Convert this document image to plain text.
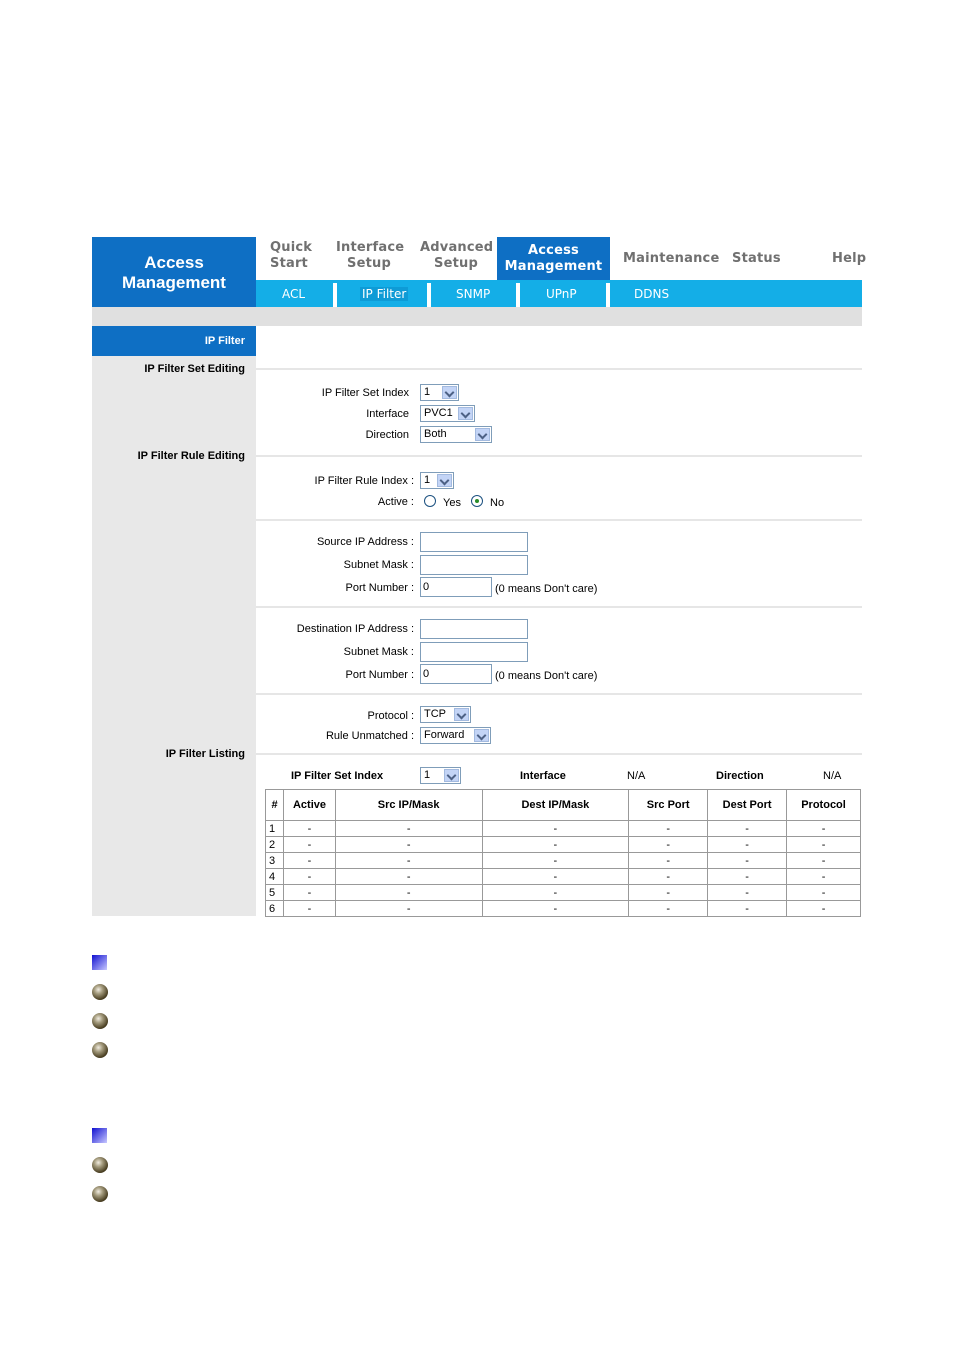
Access
Management
Quick
Start
Interface
Setup
Advanced
Setup
Access
Management
Maintenance Status	Help
ACL	IP Filter	SNMP	UPnP	DDNS
IP Filter
IP Filter Set Editing
IP Filter Rule Editing
IP Filter Listing
IP Filter Set Index	1
Interface	PVC1
Direction	Both
IP Filter Rule Index : 1
Active :	Yes	No
Source IP Address :
Subnet Mask :
Port Number : 0	(0 means Don't care)
Destination IP Address :
Subnet Mask :
Port Number : 0	(0 means Don't care)
Protocol : TCP
Rule Unmatched : Forward
IP Filter Set Index	1	Interface	N/A	Direction	N/A
#	Active	Src IP/Mask	Dest IP/Mask	Src Port	Dest Port	Protocol
1	-	-	-	-	-	-
2	-	-	-	-	-	-
3	-	-	-	-	-	-
4	-	-	-	-	-	-
5	-	-	-	-	-	-
6	-	-	-	-	-	-
